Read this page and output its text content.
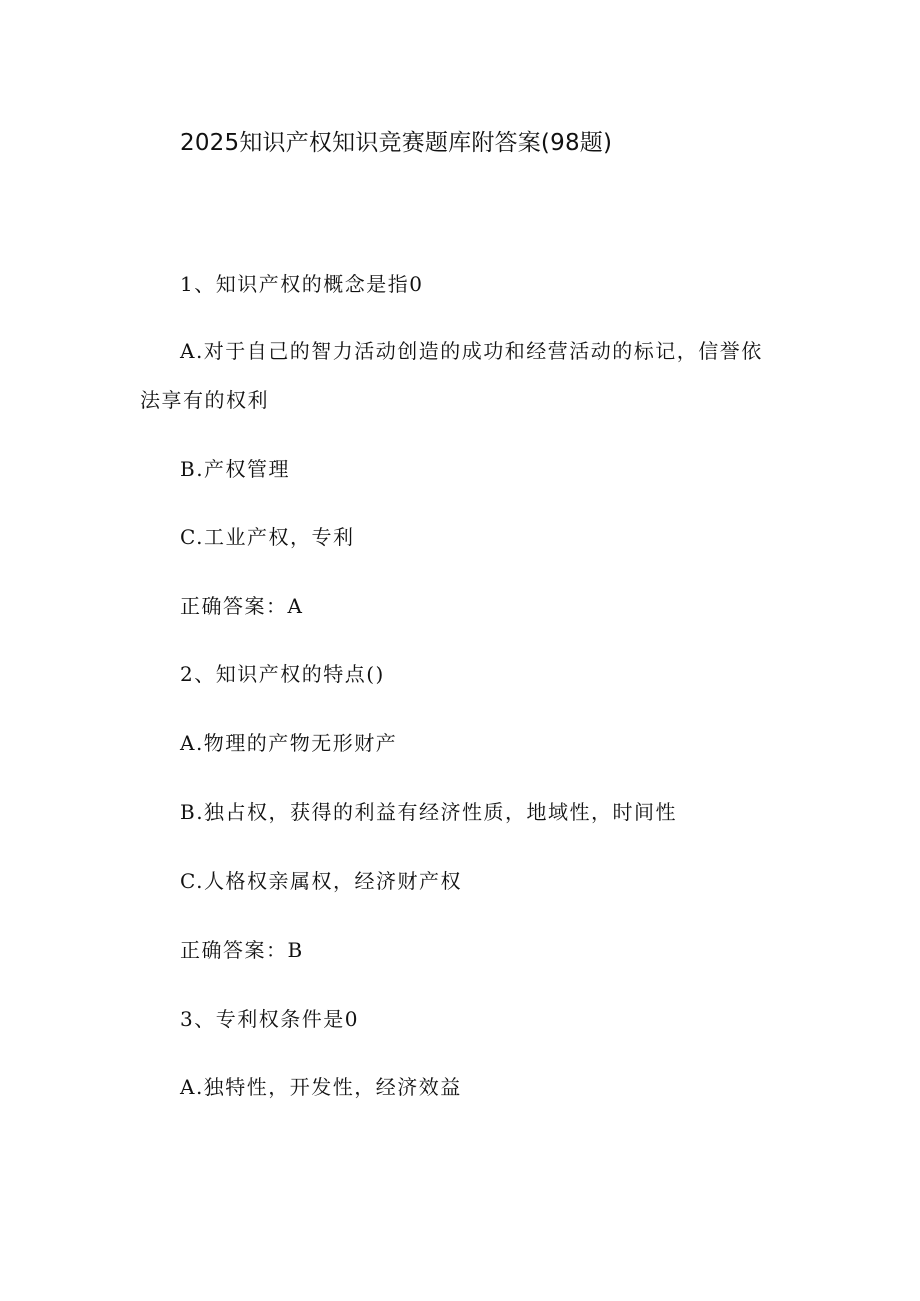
2025知识产权知识竞赛题库附答案(98题)
1、知识产权的概念是指0
A.对于自己的智力活动创造的成功和经营活动的标记，信誉依
法享有的权利
B.产权管理
C.工业产权，专利
正确答案：A
2、知识产权的特点()
A.物理的产物无形财产
B.独占权，获得的利益有经济性质，地域性，时间性
C.人格权亲属权，经济财产权
正确答案：B
3、专利权条件是0
A.独特性，开发性，经济效益
